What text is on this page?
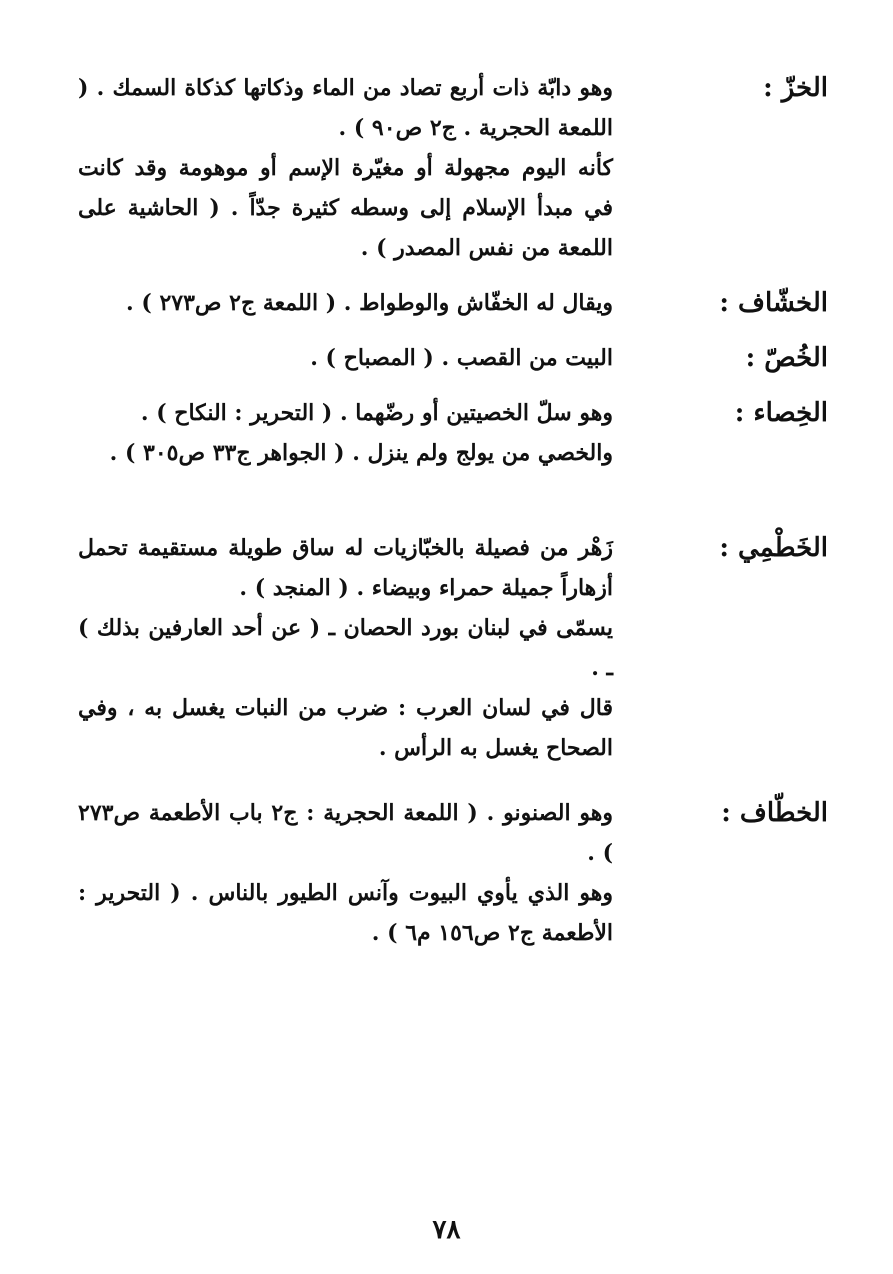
الخزّ :
وهو دابّة ذات أربع تصاد من الماء وذكاتها كذكاة السمك . ( اللمعة الحجرية . ج٢ ص٩٠ ) .
كأنه اليوم مجهولة أو مغيّرة الإسم أو موهومة وقد كانت في مبدأ الإسلام إلى وسطه كثيرة جدّاً . ( الحاشية على اللمعة من نفس المصدر ) .
الخشّاف :
ويقال له الخفّاش والوطواط . ( اللمعة ج٢ ص٢٧٣ ) .
الخُصّ :
البيت من القصب . ( المصباح ) .
الخِصاء :
وهو سلّ الخصيتين أو رضّهما . ( التحرير : النكاح ) .
والخصي من يولج ولم ينزل . ( الجواهر ج٣٣ ص٣٠٥ ) .
الخَطْمِي :
زَهْر من فصيلة بالخبّازيات له ساق طويلة مستقيمة تحمل أزهاراً جميلة حمراء وبيضاء . ( المنجد ) .
يسمّى في لبنان بورد الحصان ـ ( عن أحد العارفين بذلك ) ـ .
قال في لسان العرب : ضرب من النبات يغسل به ، وفي الصحاح يغسل به الرأس .
الخطّاف :
وهو الصنونو . ( اللمعة الحجرية : ج٢ باب الأطعمة ص٢٧٣ ) .
وهو الذي يأوي البيوت وآنس الطيور بالناس . ( التحرير : الأطعمة ج٢ ص١٥٦ م٦ ) .
٧٨
